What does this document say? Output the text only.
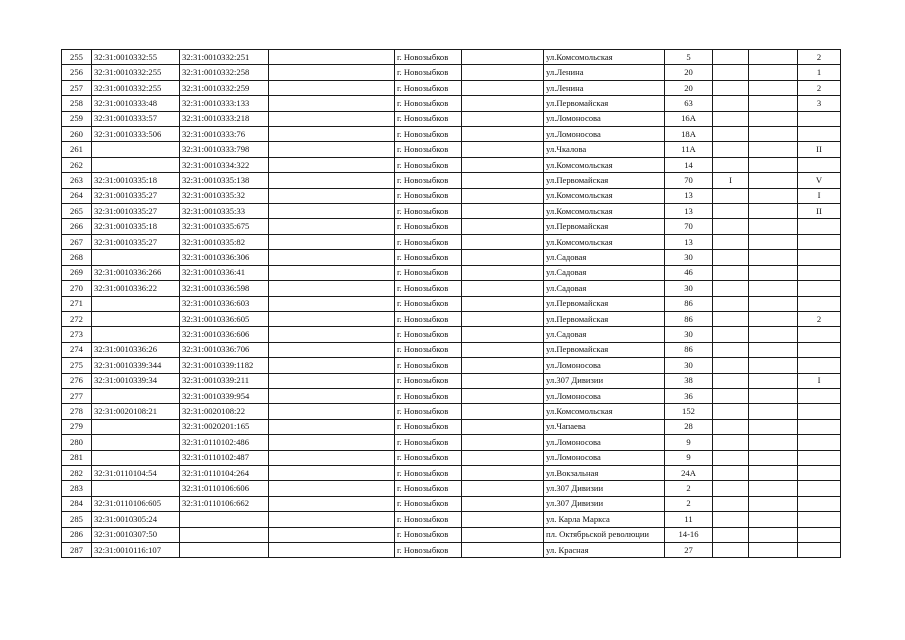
255	32:31:0010332:55	32:31:0010332:251		г. Новозыбков		ул.Комсомольская	5			2
256	32:31:0010332:255	32:31:0010332:258		г. Новозыбков		ул.Ленина	20			1
257	32:31:0010332:255	32:31:0010332:259		г. Новозыбков		ул.Ленина	20			2
258	32:31:0010333:48	32:31:0010333:133		г. Новозыбков		ул.Первомайская	63			3
259	32:31:0010333:57	32:31:0010333:218		г. Новозыбков		ул.Ломоносова	16А			
260	32:31:0010333:506	32:31:0010333:76		г. Новозыбков		ул.Ломоносова	18А			
261		32:31:0010333:798		г. Новозыбков		ул.Чкалова	11А			II
262		32:31:0010334:322		г. Новозыбков		ул.Комсомольская	14			
263	32:31:0010335:18	32:31:0010335:138		г. Новозыбков		ул.Первомайская	70	I		V
264	32:31:0010335:27	32:31:0010335:32		г. Новозыбков		ул.Комсомольская	13			I
265	32:31:0010335:27	32:31:0010335:33		г. Новозыбков		ул.Комсомольская	13			II
266	32:31:0010335:18	32:31:0010335:675		г. Новозыбков		ул.Первомайская	70			
267	32:31:0010335:27	32:31:0010335:82		г. Новозыбков		ул.Комсомольская	13			
268		32:31:0010336:306		г. Новозыбков		ул.Садовая	30			
269	32:31:0010336:266	32:31:0010336:41		г. Новозыбков		ул.Садовая	46			
270	32:31:0010336:22	32:31:0010336:598		г. Новозыбков		ул.Садовая	30			
271		32:31:0010336:603		г. Новозыбков		ул.Первомайская	86			
272		32:31:0010336:605		г. Новозыбков		ул.Первомайская	86			2
273		32:31:0010336:606		г. Новозыбков		ул.Садовая	30			
274	32:31:0010336:26	32:31:0010336:706		г. Новозыбков		ул.Первомайская	86			
275	32:31:0010339:344	32:31:0010339:1182		г. Новозыбков		ул.Ломоносова	30			
276	32:31:0010339:34	32:31:0010339:211		г. Новозыбков		ул.307 Дивизии	38			I
277		32:31:0010339:954		г. Новозыбков		ул.Ломоносова	36			
278	32:31:0020108:21	32:31:0020108:22		г. Новозыбков		ул.Комсомольская	152			
279		32:31:0020201:165		г. Новозыбков		ул.Чапаева	28			
280		32:31:0110102:486		г. Новозыбков		ул.Ломоносова	9			
281		32:31:0110102:487		г. Новозыбков		ул.Ломоносова	9			
282	32:31:0110104:54	32:31:0110104:264		г. Новозыбков		ул.Вокзальная	24А			
283		32:31:0110106:606		г. Новозыбков		ул.307 Дивизии	2			
284	32:31:0110106:605	32:31:0110106:662		г. Новозыбков		ул.307 Дивизии	2			
285	32:31:0010305:24			г. Новозыбков		ул. Карла Маркса	11			
286	32:31:0010307:50			г. Новозыбков		пл. Октябрьской революции	14-16			
287	32:31:0010116:107			г. Новозыбков		ул. Красная	27			
